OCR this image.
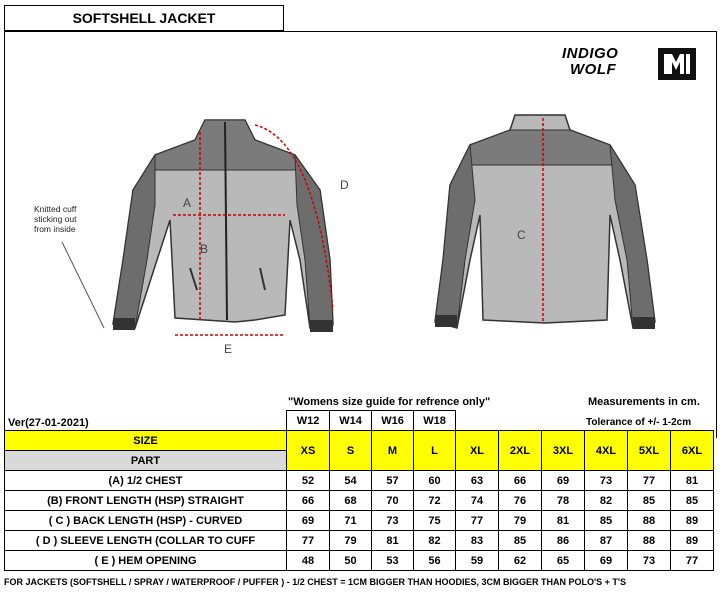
SOFTSHELL JACKET
INDIGO
WOLF
Knitted cuff sticking out from inside
A
B
D
E
C
"Womens size guide for refrence only"	Measurements in cm.
Ver(27-01-2021)	Tolerance of +/- 1-2cm
	W12	W14	W16	W18						
SIZE	XS	S	M	L	XL	2XL	3XL	4XL	5XL	6XL
PART										
(A) 1/2 CHEST	52	54	57	60	63	66	69	73	77	81
(B) FRONT LENGTH (HSP) STRAIGHT	66	68	70	72	74	76	78	82	85	85
( C ) BACK LENGTH (HSP) - CURVED	69	71	73	75	77	79	81	85	88	89
( D ) SLEEVE LENGTH (COLLAR TO CUFF	77	79	81	82	83	85	86	87	88	89
( E ) HEM OPENING	48	50	53	56	59	62	65	69	73	77
FOR JACKETS (SOFTSHELL / SPRAY / WATERPROOF / PUFFER ) - 1/2 CHEST = 1CM BIGGER THAN HOODIES, 3CM BIGGER THAN POLO'S + T'S
